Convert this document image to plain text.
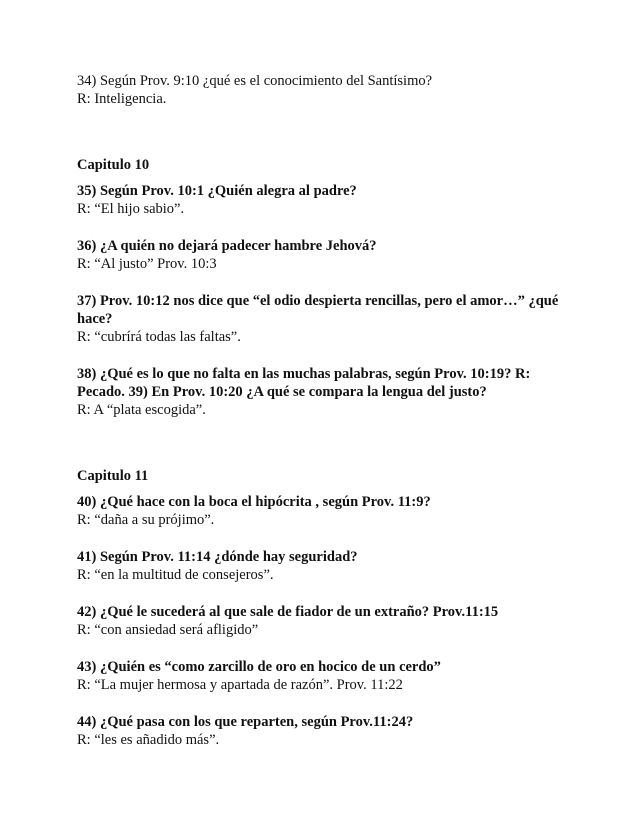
34) Según Prov. 9:10 ¿qué es el conocimiento del Santísimo?
R: Inteligencia.
Capitulo 10
35) Según Prov. 10:1 ¿Quién alegra al padre?
R: “El hijo sabio”.
36) ¿A quién no dejará padecer hambre Jehová?
R: “Al justo” Prov. 10:3
37) Prov. 10:12 nos dice que “el odio despierta rencillas, pero el amor…” ¿qué
hace?
R: “cubrírá todas las faltas”.
38) ¿Qué es lo que no falta en las muchas palabras, según Prov. 10:19? R:
Pecado. 39) En Prov. 10:20 ¿A qué se compara la lengua del justo?
R: A “plata escogida”.
Capitulo 11
40) ¿Qué hace con la boca el hipócrita , según Prov. 11:9?
R: “daña a su prójimo”.
41) Según Prov. 11:14 ¿dónde hay seguridad?
R: “en la multitud de consejeros”.
42) ¿Qué le sucederá al que sale de fiador de un extraño? Prov.11:15
R: “con ansiedad será afligido”
43) ¿Quién es “como zarcillo de oro en hocico de un cerdo”
R: “La mujer hermosa y apartada de razón”. Prov. 11:22
44) ¿Qué pasa con los que reparten, según Prov.11:24?
R: “les es añadido más”.
